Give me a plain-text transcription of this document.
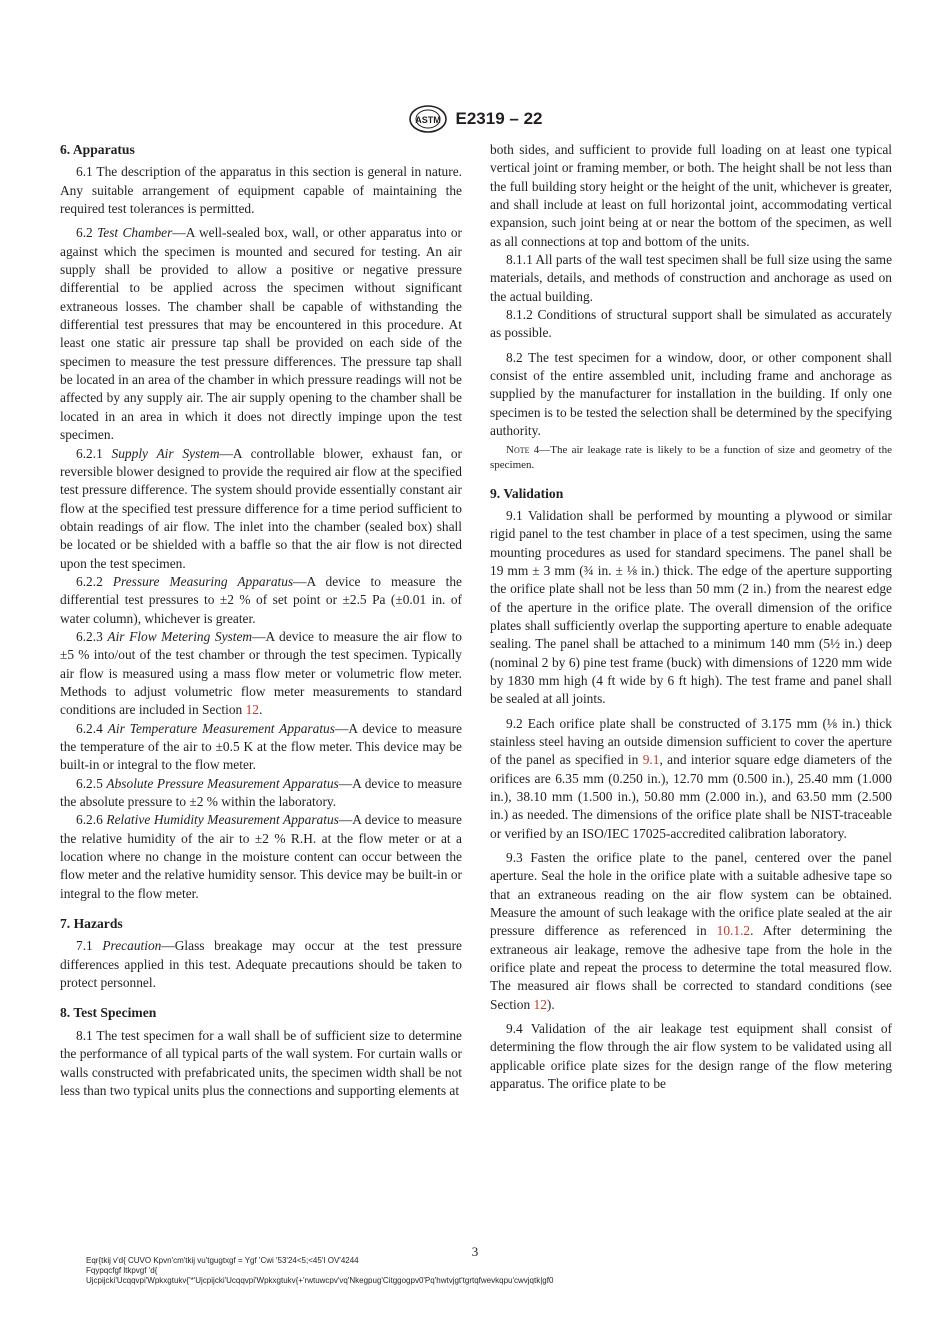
ASTM E2319 – 22
6. Apparatus

6.1 The description of the apparatus in this section is general in nature. Any suitable arrangement of equipment capable of maintaining the required test tolerances is permitted.

6.2 Test Chamber—A well-sealed box, wall, or other apparatus into or against which the specimen is mounted and secured for testing. An air supply shall be provided to allow a positive or negative pressure differential to be applied across the specimen without significant extraneous losses. The chamber shall be capable of withstanding the differential test pressures that may be encountered in this procedure. At least one static air pressure tap shall be provided on each side of the specimen to measure the test pressure differences. The pressure tap shall be located in an area of the chamber in which pressure readings will not be affected by any supply air. The air supply opening to the chamber shall be located in an area in which it does not directly impinge upon the test specimen.

6.2.1 Supply Air System—A controllable blower, exhaust fan, or reversible blower designed to provide the required air flow at the specified test pressure difference. The system should provide essentially constant air flow at the specified test pressure difference for a time period sufficient to obtain readings of air flow. The inlet into the chamber (sealed box) shall be located or be shielded with a baffle so that the air flow is not directed upon the test specimen.

6.2.2 Pressure Measuring Apparatus—A device to measure the differential test pressures to ±2 % of set point or ±2.5 Pa (±0.01 in. of water column), whichever is greater.

6.2.3 Air Flow Metering System—A device to measure the air flow to ±5 % into/out of the test chamber or through the test specimen. Typically air flow is measured using a mass flow meter or volumetric flow meter. Methods to adjust volumetric flow meter measurements to standard conditions are included in Section 12.

6.2.4 Air Temperature Measurement Apparatus—A device to measure the temperature of the air to ±0.5 K at the flow meter. This device may be built-in or integral to the flow meter.

6.2.5 Absolute Pressure Measurement Apparatus—A device to measure the absolute pressure to ±2 % within the laboratory.

6.2.6 Relative Humidity Measurement Apparatus—A device to measure the relative humidity of the air to ±2 % R.H. at the flow meter or at a location where no change in the moisture content can occur between the flow meter and the relative humidity sensor. This device may be built-in or integral to the flow meter.

7. Hazards

7.1 Precaution—Glass breakage may occur at the test pressure differences applied in this test. Adequate precautions should be taken to protect personnel.

8. Test Specimen

8.1 The test specimen for a wall shall be of sufficient size to determine the performance of all typical parts of the wall system. For curtain walls or walls constructed with prefabricated units, the specimen width shall be not less than two typical units plus the connections and supporting elements at

both sides, and sufficient to provide full loading on at least one typical vertical joint or framing member, or both. The height shall be not less than the full building story height or the height of the unit, whichever is greater, and shall include at least on full horizontal joint, accommodating vertical expansion, such joint being at or near the bottom of the specimen, as well as all connections at top and bottom of the units.

8.1.1 All parts of the wall test specimen shall be full size using the same materials, details, and methods of construction and anchorage as used on the actual building.

8.1.2 Conditions of structural support shall be simulated as accurately as possible.

8.2 The test specimen for a window, door, or other component shall consist of the entire assembled unit, including frame and anchorage as supplied by the manufacturer for installation in the building. If only one specimen is to be tested the selection shall be determined by the specifying authority.

Note 4—The air leakage rate is likely to be a function of size and geometry of the specimen.
9. Validation

9.1 Validation shall be performed by mounting a plywood or similar rigid panel to the test chamber in place of a test specimen, using the same mounting procedures as used for standard specimens. The panel shall be 19 mm ± 3 mm (¾ in. ± ⅛ in.) thick. The edge of the aperture supporting the orifice plate shall not be less than 50 mm (2 in.) from the nearest edge of the aperture in the orifice plate. The overall dimension of the orifice plates shall sufficiently overlap the supporting aperture to enable adequate sealing. The panel shall be attached to a minimum 140 mm (5½ in.) deep (nominal 2 by 6) pine test frame (buck) with dimensions of 1220 mm wide by 1830 mm high (4 ft wide by 6 ft high). The test frame and panel shall be sealed at all joints.

9.2 Each orifice plate shall be constructed of 3.175 mm (⅛ in.) thick stainless steel having an outside dimension sufficient to cover the aperture of the panel as specified in 9.1, and interior square edge diameters of the orifices are 6.35 mm (0.250 in.), 12.70 mm (0.500 in.), 25.40 mm (1.000 in.), 38.10 mm (1.500 in.), 50.80 mm (2.000 in.), and 63.50 mm (2.500 in.) as needed. The dimensions of the orifice plate shall be NIST-traceable or verified by an ISO/IEC 17025-accredited calibration laboratory.

9.3 Fasten the orifice plate to the panel, centered over the panel aperture. Seal the hole in the orifice plate with a suitable adhesive tape so that an extraneous reading on the air flow system can be obtained. Measure the amount of such leakage with the orifice plate sealed at the air pressure difference as referenced in 10.1.2. After determining the extraneous air leakage, remove the adhesive tape from the hole in the orifice plate and repeat the process to determine the total measured flow. The measured air flows shall be corrected to standard conditions (see Section 12).

9.4 Validation of the air leakage test equipment shall consist of determining the flow through the air flow system to be validated using all applicable orifice plate sizes for the design range of the flow metering apparatus. The orifice plate to be

3
Eqr{tkij v'd{ CUVO Kpvn'cm'tkij vu'tgugtxgf = Ygf 'Cwi '53'24<5;<45'I OV'4244
Fqypqcfgf ltkpvgf 'd{
Ujcpijcki'Ucqqvpi'Wpkxgtukv{'*'Ujcpijcki'Ucqqvpi'Wpkxgtukv{+'rwtuwcpv'vq'Nkegpug'Citggogpv0'Pq'hwtvjgt'tgrtqfwevkqpu'cwvjqtk|gf0
